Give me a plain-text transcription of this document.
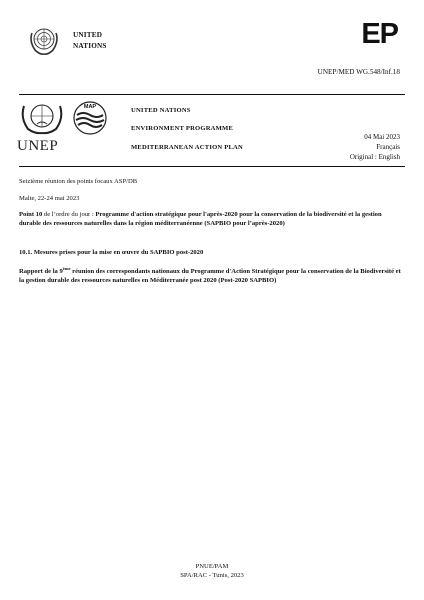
UNITED
NATIONS	EP
UNEP/MED WG.548/Inf.18
UNEP
MAP	UNITED NATIONS
ENVIRONMENT PROGRAMME
MEDITERRANEAN ACTION PLAN
04 Mai 2023
Français
Original : English
Seizième réunion des points focaux ASP/DB
Malte, 22-24 mai 2023
Point 10 de l’ordre du jour : Programme d'action stratégique pour l'après-2020 pour la conservation de la biodiversité et la gestion durable des ressources naturelles dans la région méditerranéenne (SAPBIO pour l’après-2020)
10.1. Mesures prises pour la mise en œuvre du SAPBIO post-2020
Rapport de la 9ème réunion des correspondants nationaux du Programme d'Action Stratégique pour la conservation de la Biodiversité et la gestion durable des ressources naturelles en Méditerranée post 2020 (Post-2020 SAPBIO)
PNUE/PAM
SPA/RAC - Tunis, 2023
